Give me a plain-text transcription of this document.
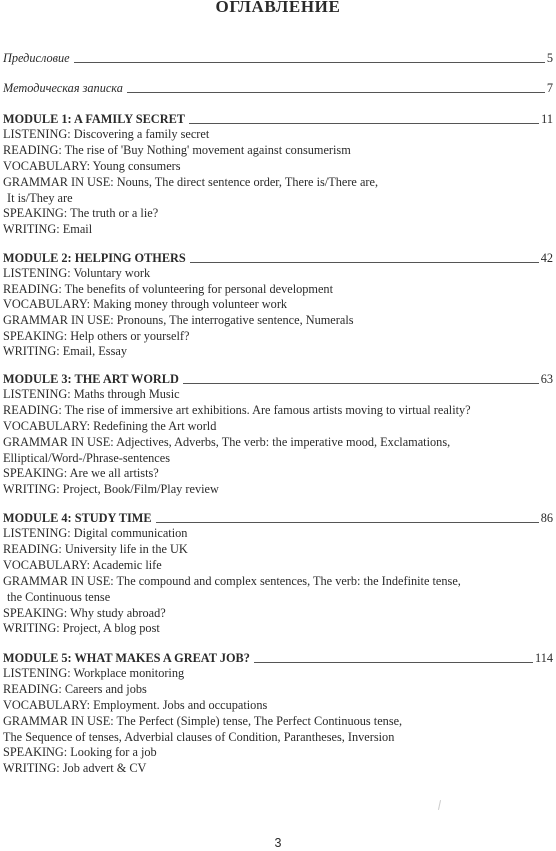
ОГЛАВЛЕНИЕ
Предисловие	5
Методическая записка	7
MODULE 1: A FAMILY SECRET	11
LISTENING: Discovering a family secret
READING: The rise of 'Buy Nothing' movement against consumerism
VOCABULARY: Young consumers
GRAMMAR IN USE: Nouns, The direct sentence order, There is/There are,
It is/They are
SPEAKING: The truth or a lie?
WRITING: Email
MODULE 2: HELPING OTHERS	42
LISTENING: Voluntary work
READING: The benefits of volunteering for personal development
VOCABULARY: Making money through volunteer work
GRAMMAR IN USE: Pronouns, The interrogative sentence, Numerals
SPEAKING: Help others or yourself?
WRITING: Email, Essay
MODULE 3: THE ART WORLD	63
LISTENING: Maths through Music
READING: The rise of immersive art exhibitions. Are famous artists moving to virtual reality?
VOCABULARY: Redefining the Art world
GRAMMAR IN USE: Adjectives, Adverbs, The verb: the imperative mood, Exclamations,
Elliptical/Word-/Phrase-sentences
SPEAKING: Are we all artists?
WRITING: Project, Book/Film/Play review
MODULE 4: STUDY TIME	86
LISTENING: Digital communication
READING: University life in the UK
VOCABULARY: Academic life
GRAMMAR IN USE: The compound and complex sentences, The verb: the Indefinite tense,
the Continuous tense
SPEAKING: Why study abroad?
WRITING: Project, A blog post
MODULE 5: WHAT MAKES A GREAT JOB?	114
LISTENING: Workplace monitoring
READING: Careers and jobs
VOCABULARY: Employment. Jobs and occupations
GRAMMAR IN USE: The Perfect (Simple) tense, The Perfect Continuous tense,
The Sequence of tenses, Adverbial clauses of Condition, Parantheses, Inversion
SPEAKING: Looking for a job
WRITING: Job advert & CV
3
